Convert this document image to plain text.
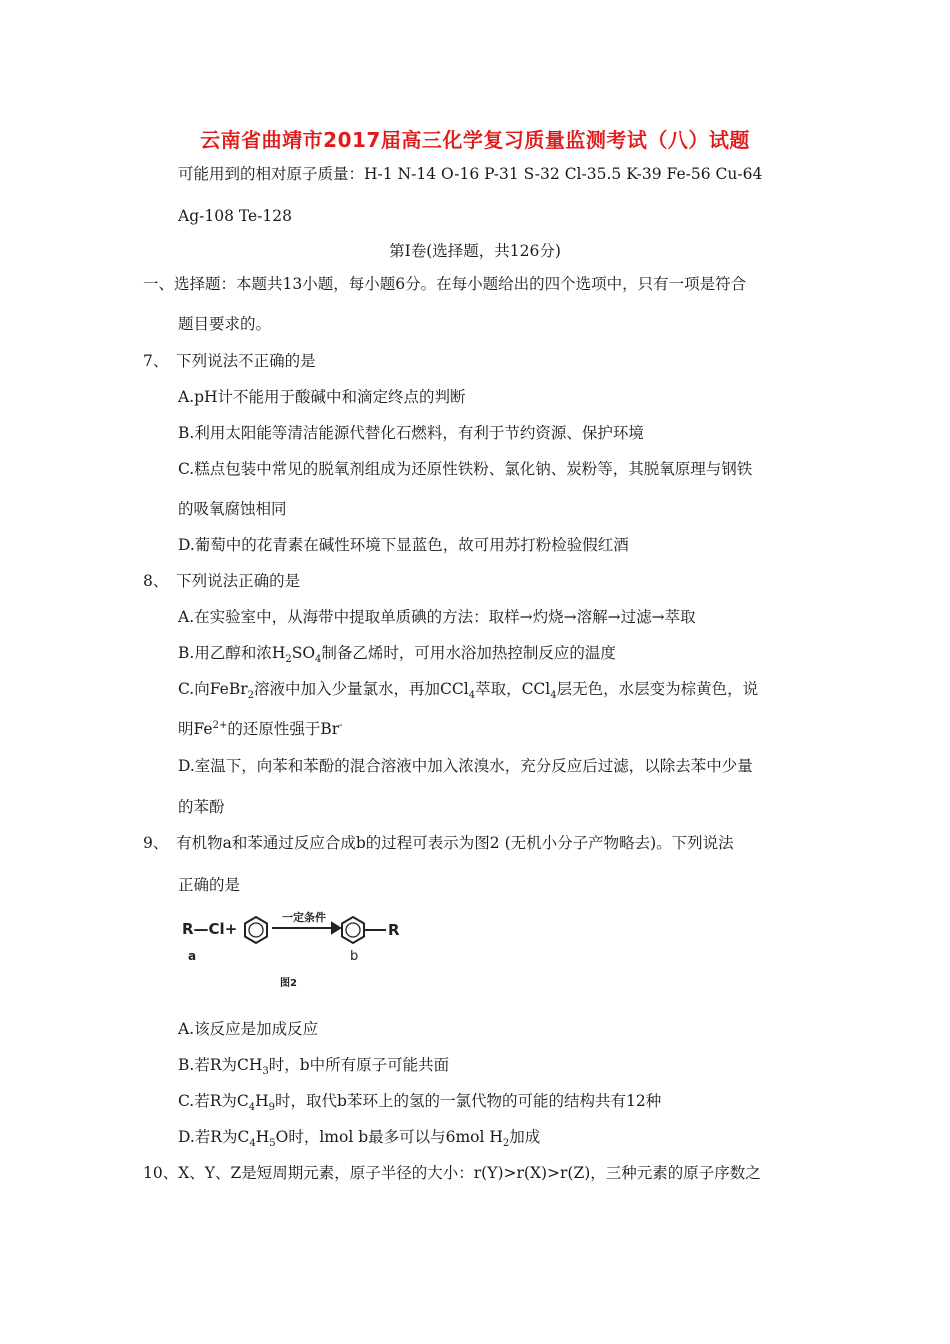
云南省曲靖市2017届高三化学复习质量监测考试（八）试题
可能用到的相对原子质量：H-1 N-14 O-16 P-31 S-32 Cl-35.5 K-39 Fe-56 Cu-64
Ag-108 Te-128
第Ⅰ卷(选择题，共126分)
一、选择题：本题共13小题，每小题6分。在每小题给出的四个选项中，只有一项是符合
题目要求的。
7、　下列说法不正确的是
A.pH计不能用于酸碱中和滴定终点的判断
B.利用太阳能等清洁能源代替化石燃料，有利于节约资源、保护环境
C.糕点包装中常见的脱氧剂组成为还原性铁粉、氯化钠、炭粉等，其脱氧原理与钢铁
的吸氧腐蚀相同
D.葡萄中的花青素在碱性环境下显蓝色，故可用苏打粉检验假红酒
8、　下列说法正确的是
A.在实验室中，从海带中提取单质碘的方法：取样→灼烧→溶解→过滤→萃取
B.用乙醇和浓$H_2SO_4$制备乙烯时，可用水浴加热控制反应的温度
C.向FeBr$_2$溶液中加入少量氯水，再加CCl$_4$萃取，CCl$_4$层无色，水层变为棕黄色，说
明$Fe^{2+}$的还原性强于Br-
D.室温下，向苯和苯酚的混合溶液中加入浓溴水，充分反应后过滤，以除去苯中少量
的苯酚
9、　有机物a和苯通过反应合成b的过程可表示为图2 (无机小分子产物略去)。下列说法
正确的是
R—Cl+
一定条件
R
a	b
图2
A.该反应是加成反应
B.若R为$CH_3$时，b中所有原子可能共面
C.若R为$C_4H_9$时，取代b苯环上的氢的一氯代物的可能的结构共有12种
D.若R为$C_4H_5O$时，lmol b最多可以与6mol $H_2$加成
10、X、Y、Z是短周期元素，原子半径的大小：r(Y)>r(X)>r(Z)，三种元素的原子序数之
